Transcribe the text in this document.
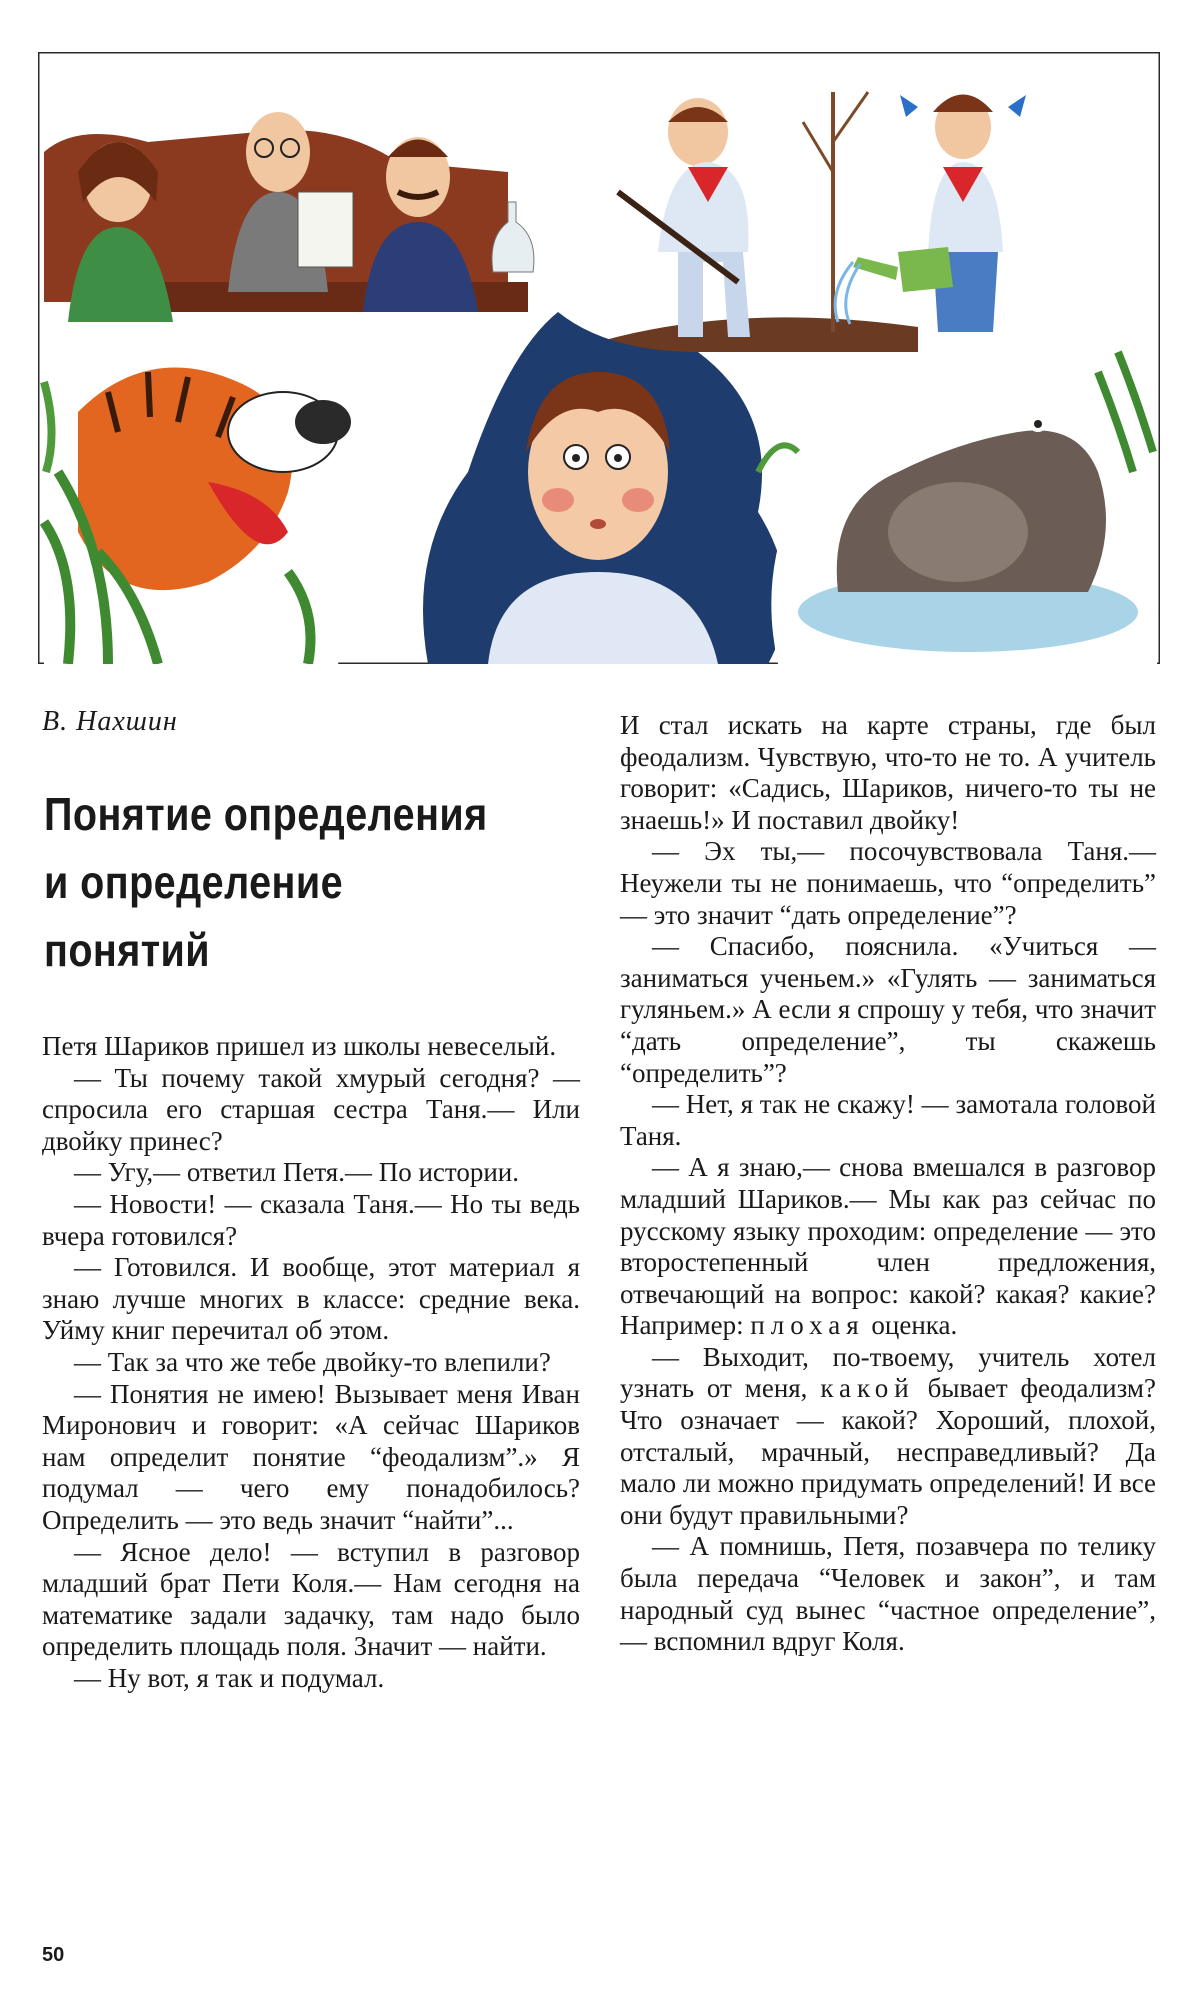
В. Нахшин
Понятие определения
и определение
понятий

Петя Шариков пришел из школы невеселый.

— Ты почему такой хмурый сегодня? — спросила его старшая сестра Таня.— Или двойку принес?

— Угу,— ответил Петя.— По истории.

— Новости! — сказала Таня.— Но ты ведь вчера готовился?

— Готовился. И вообще, этот материал я знаю лучше многих в классе: средние века. Уйму книг перечитал об этом.

— Так за что же тебе двойку-то влепили?

— Понятия не имею! Вызывает меня Иван Миронович и говорит: «А сейчас Шариков нам определит понятие “феодализм”.» Я подумал — чего ему понадобилось? Определить — это ведь значит “найти”...

— Ясное дело! — вступил в разговор младший брат Пети Коля.— Нам сегодня на математике задали задачку, там надо было определить площадь поля. Значит — найти.

— Ну вот, я так и подумал.

И стал искать на карте страны, где был феодализм. Чувствую, что-то не то. А учитель говорит: «Садись, Шариков, ничего-то ты не знаешь!» И поставил двойку!

— Эх ты,— посочувствовала Таня.— Неужели ты не понимаешь, что “определить” — это значит “дать определение”?

— Спасибо, пояснила. «Учиться — заниматься ученьем.» «Гулять — заниматься гуляньем.» А если я спрошу у тебя, что значит “дать определение”, ты скажешь “определить”?

— Нет, я так не скажу! — замотала головой Таня.

— А я знаю,— снова вмешался в разговор младший Шариков.— Мы как раз сейчас по русскому языку проходим: определение — это второстепенный член предложения, отвечающий на вопрос: какой? какая? какие? Например: плохая оценка.

— Выходит, по-твоему, учитель хотел узнать от меня, какой бывает феодализм? Что означает — какой? Хороший, плохой, отсталый, мрачный, несправедливый? Да мало ли можно придумать определений! И все они будут правильными?

— А помнишь, Петя, позавчера по телику была передача “Человек и закон”, и там народный суд вынес “частное определение”,— вспомнил вдруг Коля.

50
